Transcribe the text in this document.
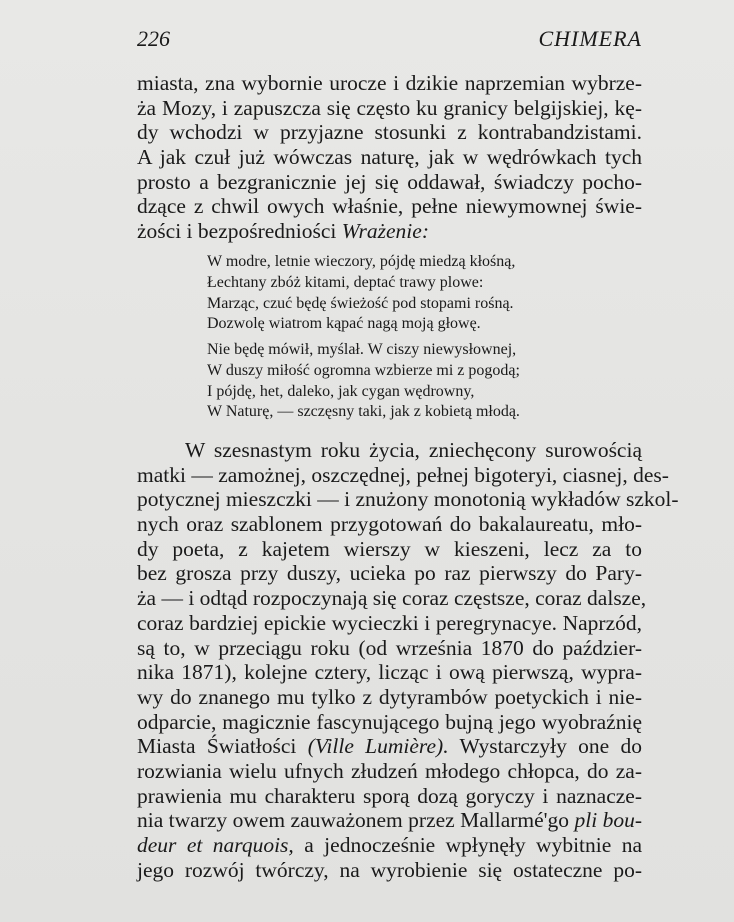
226	CHIMERA
miasta, zna wybornie urocze i dzikie naprzemian wybrze-
ża Mozy, i zapuszcza się często ku granicy belgijskiej, kę-
dy wchodzi w przyjazne stosunki z kontrabandzistami.
A jak czuł już wówczas naturę, jak w wędrówkach tych
prosto a bezgranicznie jej się oddawał, świadczy pocho-
dzące z chwil owych właśnie, pełne niewymownej świe-
żości i bezpośredniości Wrażenie:
W modre, letnie wieczory, pójdę miedzą kłośną,
Łechtany zbóż kitami, deptać trawy plowe:
Marząc, czuć będę świeżość pod stopami rośną.
Dozwolę wiatrom kąpać nagą moją głowę.
Nie będę mówił, myślał. W ciszy niewysłownej,
W duszy miłość ogromna wzbierze mi z pogodą;
I pójdę, het, daleko, jak cygan wędrowny,
W Naturę, — szczęsny taki, jak z kobietą młodą.
W szesnastym roku życia, zniechęcony surowością
matki — zamożnej, oszczędnej, pełnej bigoteryi, ciasnej, des-
potycznej mieszczki — i znużony monotonią wykładów szkol-
nych oraz szablonem przygotowań do bakalaureatu, mło-
dy poeta, z kajetem wierszy w kieszeni, lecz za to
bez grosza przy duszy, ucieka po raz pierwszy do Pary-
ża — i odtąd rozpoczynają się coraz częstsze, coraz dalsze,
coraz bardziej epickie wycieczki i peregrynacye. Naprzód,
są to, w przeciągu roku (od września 1870 do paździer-
nika 1871), kolejne cztery, licząc i ową pierwszą, wypra-
wy do znanego mu tylko z dytyrambów poetyckich i nie-
odparcie, magicznie fascynującego bujną jego wyobraźnię
Miasta Światłości (Ville Lumière). Wystarczyły one do
rozwiania wielu ufnych złudzeń młodego chłopca, do za-
prawienia mu charakteru sporą dozą goryczy i naznacze-
nia twarzy owem zauważonem przez Mallarmé'go pli bou-
deur et narquois, a jednocześnie wpłynęły wybitnie na
jego rozwój twórczy, na wyrobienie się ostateczne po-
